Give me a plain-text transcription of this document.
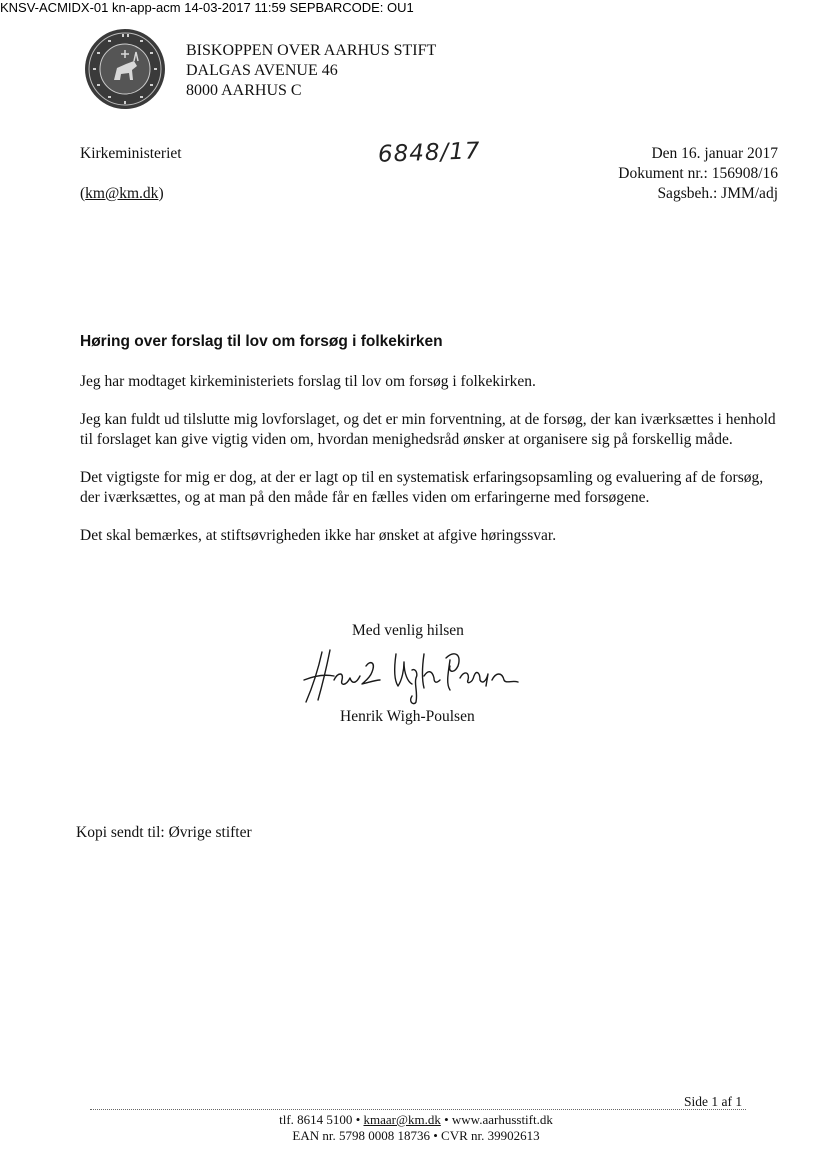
KNSV-ACMIDX-01 kn-app-acm 14-03-2017 11:59 SEPBARCODE: OU1
BISKOPPEN OVER AARHUS STIFT
DALGAS AVENUE 46
8000 AARHUS C
Kirkeministeriet
(km@km.dk)
6848/17	Den 16. januar 2017
Dokument nr.: 156908/16
Sagsbeh.: JMM/adj
Høring over forslag til lov om forsøg i folkekirken

Jeg har modtaget kirkeministeriets forslag til lov om forsøg i folkekirken.

Jeg kan fuldt ud tilslutte mig lovforslaget, og det er min forventning, at de forsøg, der kan iværksættes i henhold til forslaget kan give vigtig viden om, hvordan menighedsråd ønsker at organisere sig på forskellig måde.

Det vigtigste for mig er dog, at der er lagt op til en systematisk erfaringsopsamling og evaluering af de forsøg, der iværksættes, og at man på den måde får en fælles viden om erfaringerne med forsøgene.

Det skal bemærkes, at stiftsøvrigheden ikke har ønsket at afgive høringssvar.

Med venlig hilsen
Henrik Wigh-Poulsen
Kopi sendt til: Øvrige stifter
Side 1 af 1
tlf. 8614 5100 • kmaar@km.dk • www.aarhusstift.dk
EAN nr. 5798 0008 18736 • CVR nr. 39902613
